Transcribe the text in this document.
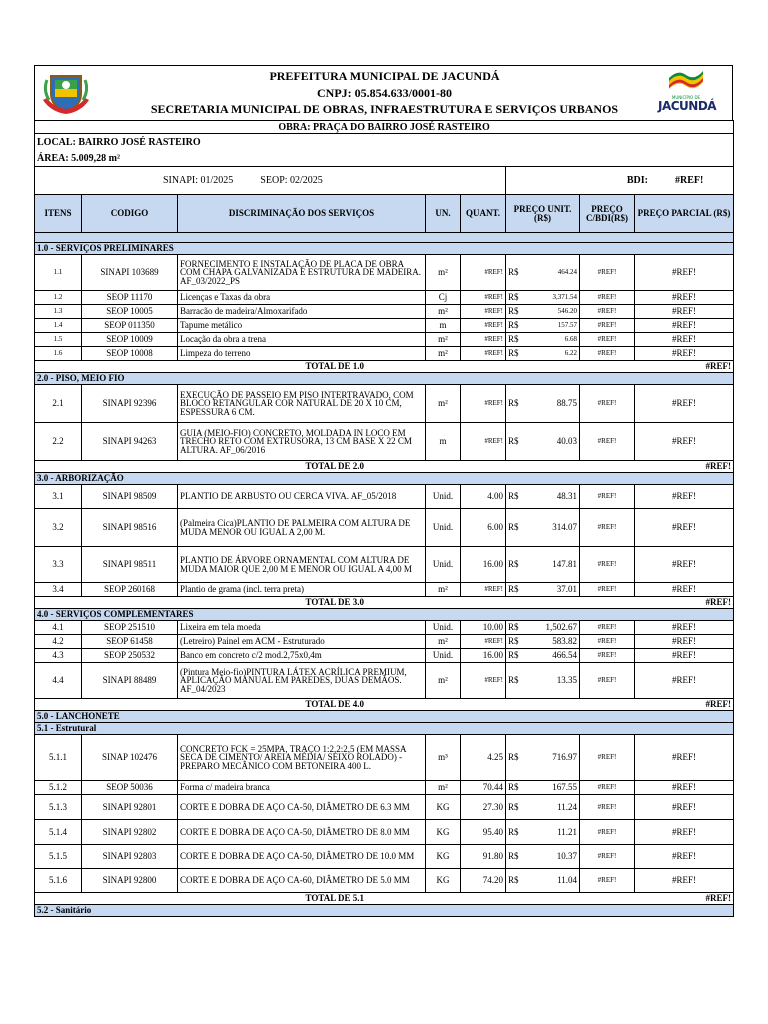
PREFEITURA MUNICIPAL DE JACUNDÁ
CNPJ: 05.854.633/0001-80
SECRETARIA MUNICIPAL DE OBRAS, INFRAESTRUTURA E SERVIÇOS URBANOS
MUNICÍPIO DE
JACUNDÁ
OBRA: PRAÇA DO BAIRRO JOSÉ RASTEIRO							
LOCAL: BAIRRO JOSÉ RASTEIRO							
ÁREA: 5.009,28 m²							
SINAPI: 01/2025 SEOP: 02/2025					BDI: #REF!		
ITENS	CODIGO	DISCRIMINAÇÃO DOS SERVIÇOS	UN.	QUANT.	PREÇO UNIT. (R$)	PREÇO C/BDI(R$)	PREÇO PARCIAL (R$)

1.0 - SERVIÇOS PRELIMINARES							
1.1	SINAPI 103689	FORNECIMENTO E INSTALAÇÃO DE PLACA DE OBRA COM CHAPA GALVANIZADA E ESTRUTURA DE MADEIRA. AF_03/2022_PS	m²	#REF!	R$ 464.24	#REF!	#REF!
1.2	SEOP 11170	Licenças e Taxas da obra	Cj	#REF!	R$ 3,371.54	#REF!	#REF!
1.3	SEOP 10005	Barracão de madeira/Almoxarifado	m²	#REF!	R$ 546.20	#REF!	#REF!
1.4	SEOP 011350	Tapume metálico	m	#REF!	R$ 157.57	#REF!	#REF!
1.5	SEOP 10009	Locação da obra a trena	m²	#REF!	R$ 6.68	#REF!	#REF!
1.6	SEOP 10008	Limpeza do terreno	m²	#REF!	R$ 6.22	#REF!	#REF!
TOTAL DE 1.0							#REF!
2.0 - PISO, MEIO FIO							
2.1	SINAPI 92396	EXECUÇÃO DE PASSEIO EM PISO INTERTRAVADO, COM BLOCO RETANGULAR COR NATURAL DE 20 X 10 CM, ESPESSURA 6 CM.	m²	#REF!	R$ 88.75	#REF!	#REF!
2.2	SINAPI 94263	GUIA (MEIO-FIO) CONCRETO, MOLDADA IN LOCO EM TRECHO RETO COM EXTRUSORA, 13 CM BASE X 22 CM ALTURA. AF_06/2016	m	#REF!	R$ 40.03	#REF!	#REF!
TOTAL DE 2.0							#REF!
3.0 - ARBORIZAÇÃO							
3.1	SINAPI 98509	PLANTIO DE ARBUSTO OU CERCA VIVA. AF_05/2018	Unid.	4.00	R$ 48.31	#REF!	#REF!
3.2	SINAPI 98516	(Palmeira Cica)PLANTIO DE PALMEIRA COM ALTURA DE MUDA MENOR OU IGUAL A 2,00 M.	Unid.	6.00	R$ 314.07	#REF!	#REF!
3.3	SINAPI 98511	PLANTIO DE ÁRVORE ORNAMENTAL COM ALTURA DE MUDA MAIOR QUE 2,00 M E MENOR OU IGUAL A 4,00 M	Unid.	16.00	R$ 147.81	#REF!	#REF!
3.4	SEOP 260168	Plantio de grama (incl. terra preta)	m²	#REF!	R$ 37.01	#REF!	#REF!
TOTAL DE 3.0							#REF!
4.0 - SERVIÇOS COMPLEMENTARES							
4.1	SEOP 251510	Lixeira em tela moeda	Unid.	10.00	R$ 1,502.67	#REF!	#REF!
4.2	SEOP 61458	(Letreiro) Painel em ACM - Estruturado	m²	#REF!	R$ 583.82	#REF!	#REF!
4.3	SEOP 250532	Banco em concreto c/2 mod.2,75x0,4m	Unid.	16.00	R$ 466.54	#REF!	#REF!
4.4	SINAPI 88489	(Pintura Meio-fio)PINTURA LÁTEX ACRÍLICA PREMIUM, APLICAÇÃO MANUAL EM PAREDES, DUAS DEMÃOS. AF_04/2023	m²	#REF!	R$ 13.35	#REF!	#REF!
TOTAL DE 4.0							#REF!
5.0 - LANCHONETE							
5.1 - Estrutural							
5.1.1	SINAP 102476	CONCRETO FCK = 25MPA, TRAÇO 1:2,2:2,5 (EM MASSA SECA DE CIMENTO/ AREIA MÉDIA/ SEIXO ROLADO) - PREPARO MECÂNICO COM BETONEIRA 400 L.	m³	4.25	R$ 716.97	#REF!	#REF!
5.1.2	SEOP 50036	Forma c/ madeira branca	m²	70.44	R$ 167.55	#REF!	#REF!
5.1.3	SINAPI 92801	CORTE E DOBRA DE AÇO CA-50, DIÂMETRO DE 6.3 MM	KG	27.30	R$ 11.24	#REF!	#REF!
5.1.4	SINAPI 92802	CORTE E DOBRA DE AÇO CA-50, DIÂMETRO DE 8.0 MM	KG	95.40	R$ 11.21	#REF!	#REF!
5.1.5	SINAPI 92803	CORTE E DOBRA DE AÇO CA-50, DIÂMETRO DE 10.0 MM	KG	91.80	R$ 10.37	#REF!	#REF!
5.1.6	SINAPI 92800	CORTE E DOBRA DE AÇO CA-60, DIÂMETRO DE 5.0 MM	KG	74.20	R$ 11.04	#REF!	#REF!
TOTAL DE 5.1							#REF!
5.2 - Sanitário							
